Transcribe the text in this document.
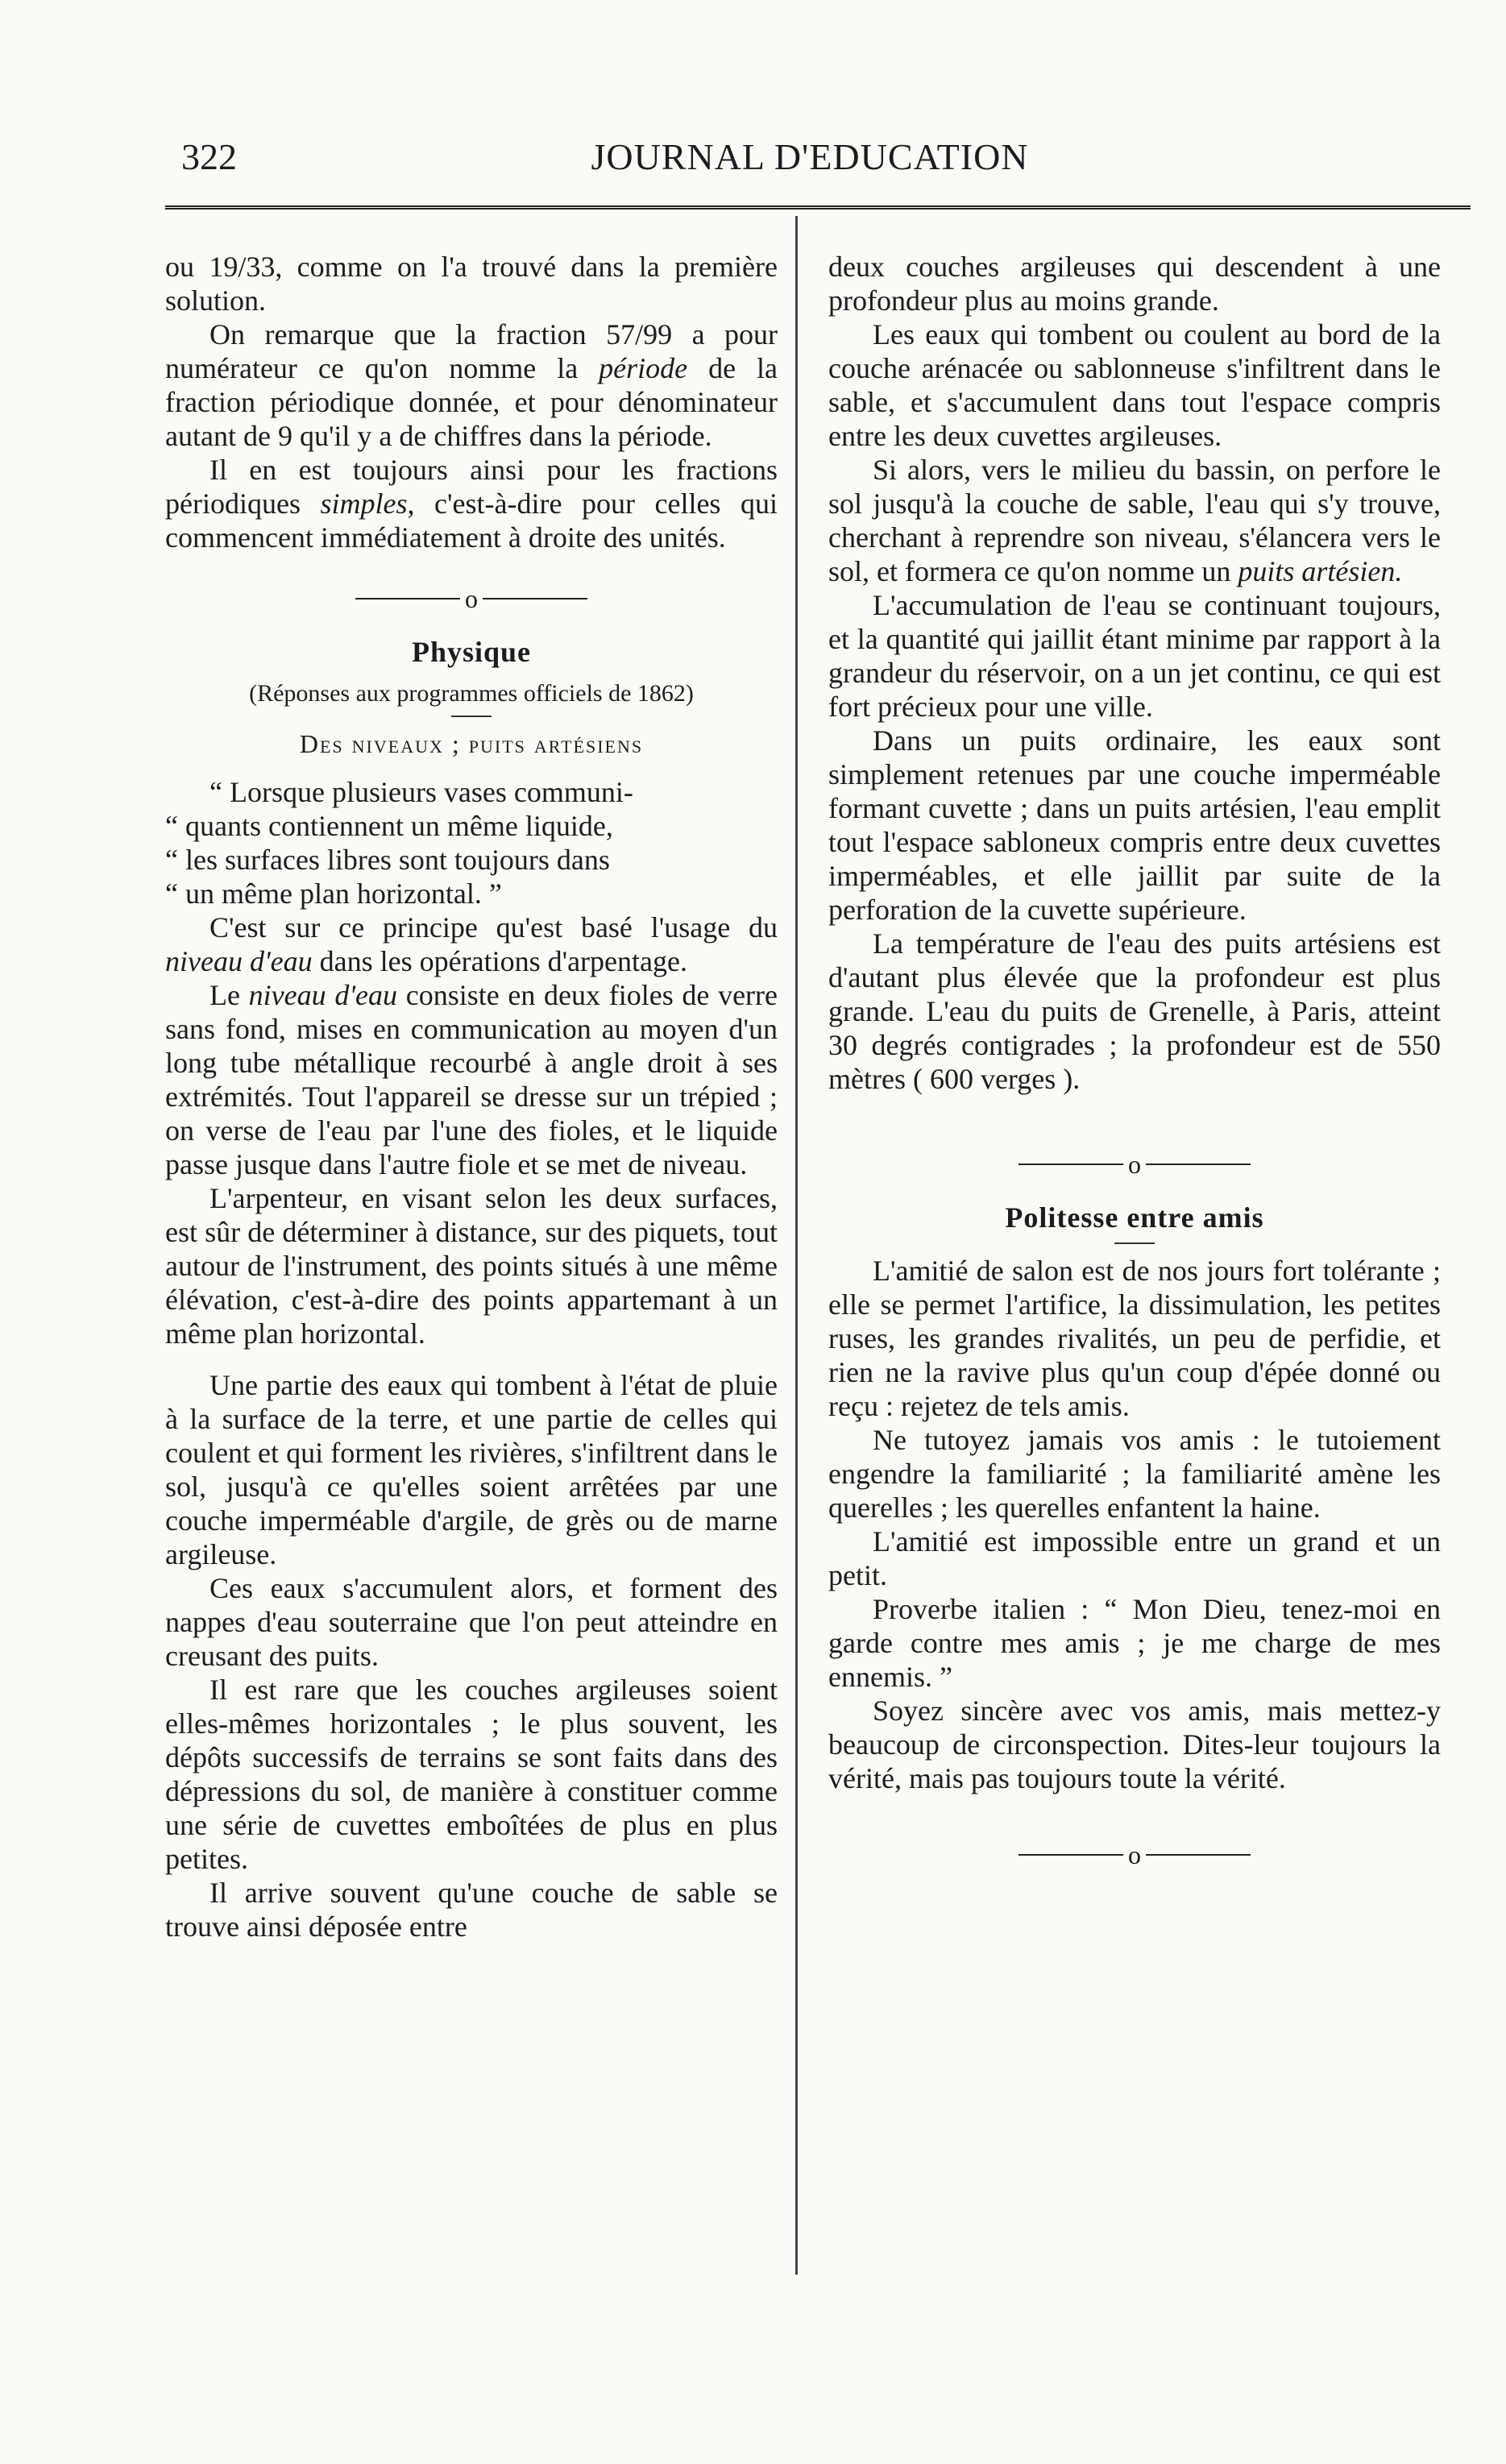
322	JOURNAL D'EDUCATION

ou 19/33, comme on l'a trouvé dans la première solution.

On remarque que la fraction 57/99 a pour numérateur ce qu'on nomme la période de la fraction périodique donnée, et pour dénominateur autant de 9 qu'il y a de chiffres dans la période.

Il en est toujours ainsi pour les fractions périodiques simples, c'est-à-dire pour celles qui commencent immédiatement à droite des unités.

o
Physique
(Réponses aux programmes officiels de 1862)
Des niveaux ; puits artésiens

“ Lorsque plusieurs vases communi-

“ quants contiennent un même liquide,

“ les surfaces libres sont toujours dans

“ un même plan horizontal. ”

C'est sur ce principe qu'est basé l'usage du niveau d'eau dans les opérations d'arpentage.

Le niveau d'eau consiste en deux fioles de verre sans fond, mises en communication au moyen d'un long tube métallique recourbé à angle droit à ses extrémités. Tout l'appareil se dresse sur un trépied ; on verse de l'eau par l'une des fioles, et le liquide passe jusque dans l'autre fiole et se met de niveau.

L'arpenteur, en visant selon les deux surfaces, est sûr de déterminer à distance, sur des piquets, tout autour de l'instrument, des points situés à une même élévation, c'est-à-dire des points appartemant à un même plan horizontal.

Une partie des eaux qui tombent à l'état de pluie à la surface de la terre, et une partie de celles qui coulent et qui forment les rivières, s'infiltrent dans le sol, jusqu'à ce qu'elles soient arrêtées par une couche imperméable d'argile, de grès ou de marne argileuse.

Ces eaux s'accumulent alors, et forment des nappes d'eau souterraine que l'on peut atteindre en creusant des puits.

Il est rare que les couches argileuses soient elles-mêmes horizontales ; le plus souvent, les dépôts successifs de terrains se sont faits dans des dépressions du sol, de manière à constituer comme une série de cuvettes emboîtées de plus en plus petites.

Il arrive souvent qu'une couche de sable se trouve ainsi déposée entre

deux couches argileuses qui descendent à une profondeur plus au moins grande.

Les eaux qui tombent ou coulent au bord de la couche arénacée ou sablonneuse s'infiltrent dans le sable, et s'accumulent dans tout l'espace compris entre les deux cuvettes argileuses.

Si alors, vers le milieu du bassin, on perfore le sol jusqu'à la couche de sable, l'eau qui s'y trouve, cherchant à reprendre son niveau, s'élancera vers le sol, et formera ce qu'on nomme un puits artésien.

L'accumulation de l'eau se continuant toujours, et la quantité qui jaillit étant minime par rapport à la grandeur du réservoir, on a un jet continu, ce qui est fort précieux pour une ville.

Dans un puits ordinaire, les eaux sont simplement retenues par une couche imperméable formant cuvette ; dans un puits artésien, l'eau emplit tout l'espace sabloneux compris entre deux cuvettes imperméables, et elle jaillit par suite de la perforation de la cuvette supérieure.

La température de l'eau des puits artésiens est d'autant plus élevée que la profondeur est plus grande. L'eau du puits de Grenelle, à Paris, atteint 30 degrés contigrades ; la profondeur est de 550 mètres ( 600 verges ).

o
Politesse entre amis

L'amitié de salon est de nos jours fort tolérante ; elle se permet l'artifice, la dissimulation, les petites ruses, les grandes rivalités, un peu de perfidie, et rien ne la ravive plus qu'un coup d'épée donné ou reçu : rejetez de tels amis.

Ne tutoyez jamais vos amis : le tutoiement engendre la familiarité ; la familiarité amène les querelles ; les querelles enfantent la haine.

L'amitié est impossible entre un grand et un petit.

Proverbe italien : “ Mon Dieu, tenez-moi en garde contre mes amis ; je me charge de mes ennemis. ”

Soyez sincère avec vos amis, mais mettez-y beaucoup de circonspection. Dites-leur toujours la vérité, mais pas toujours toute la vérité.

o
